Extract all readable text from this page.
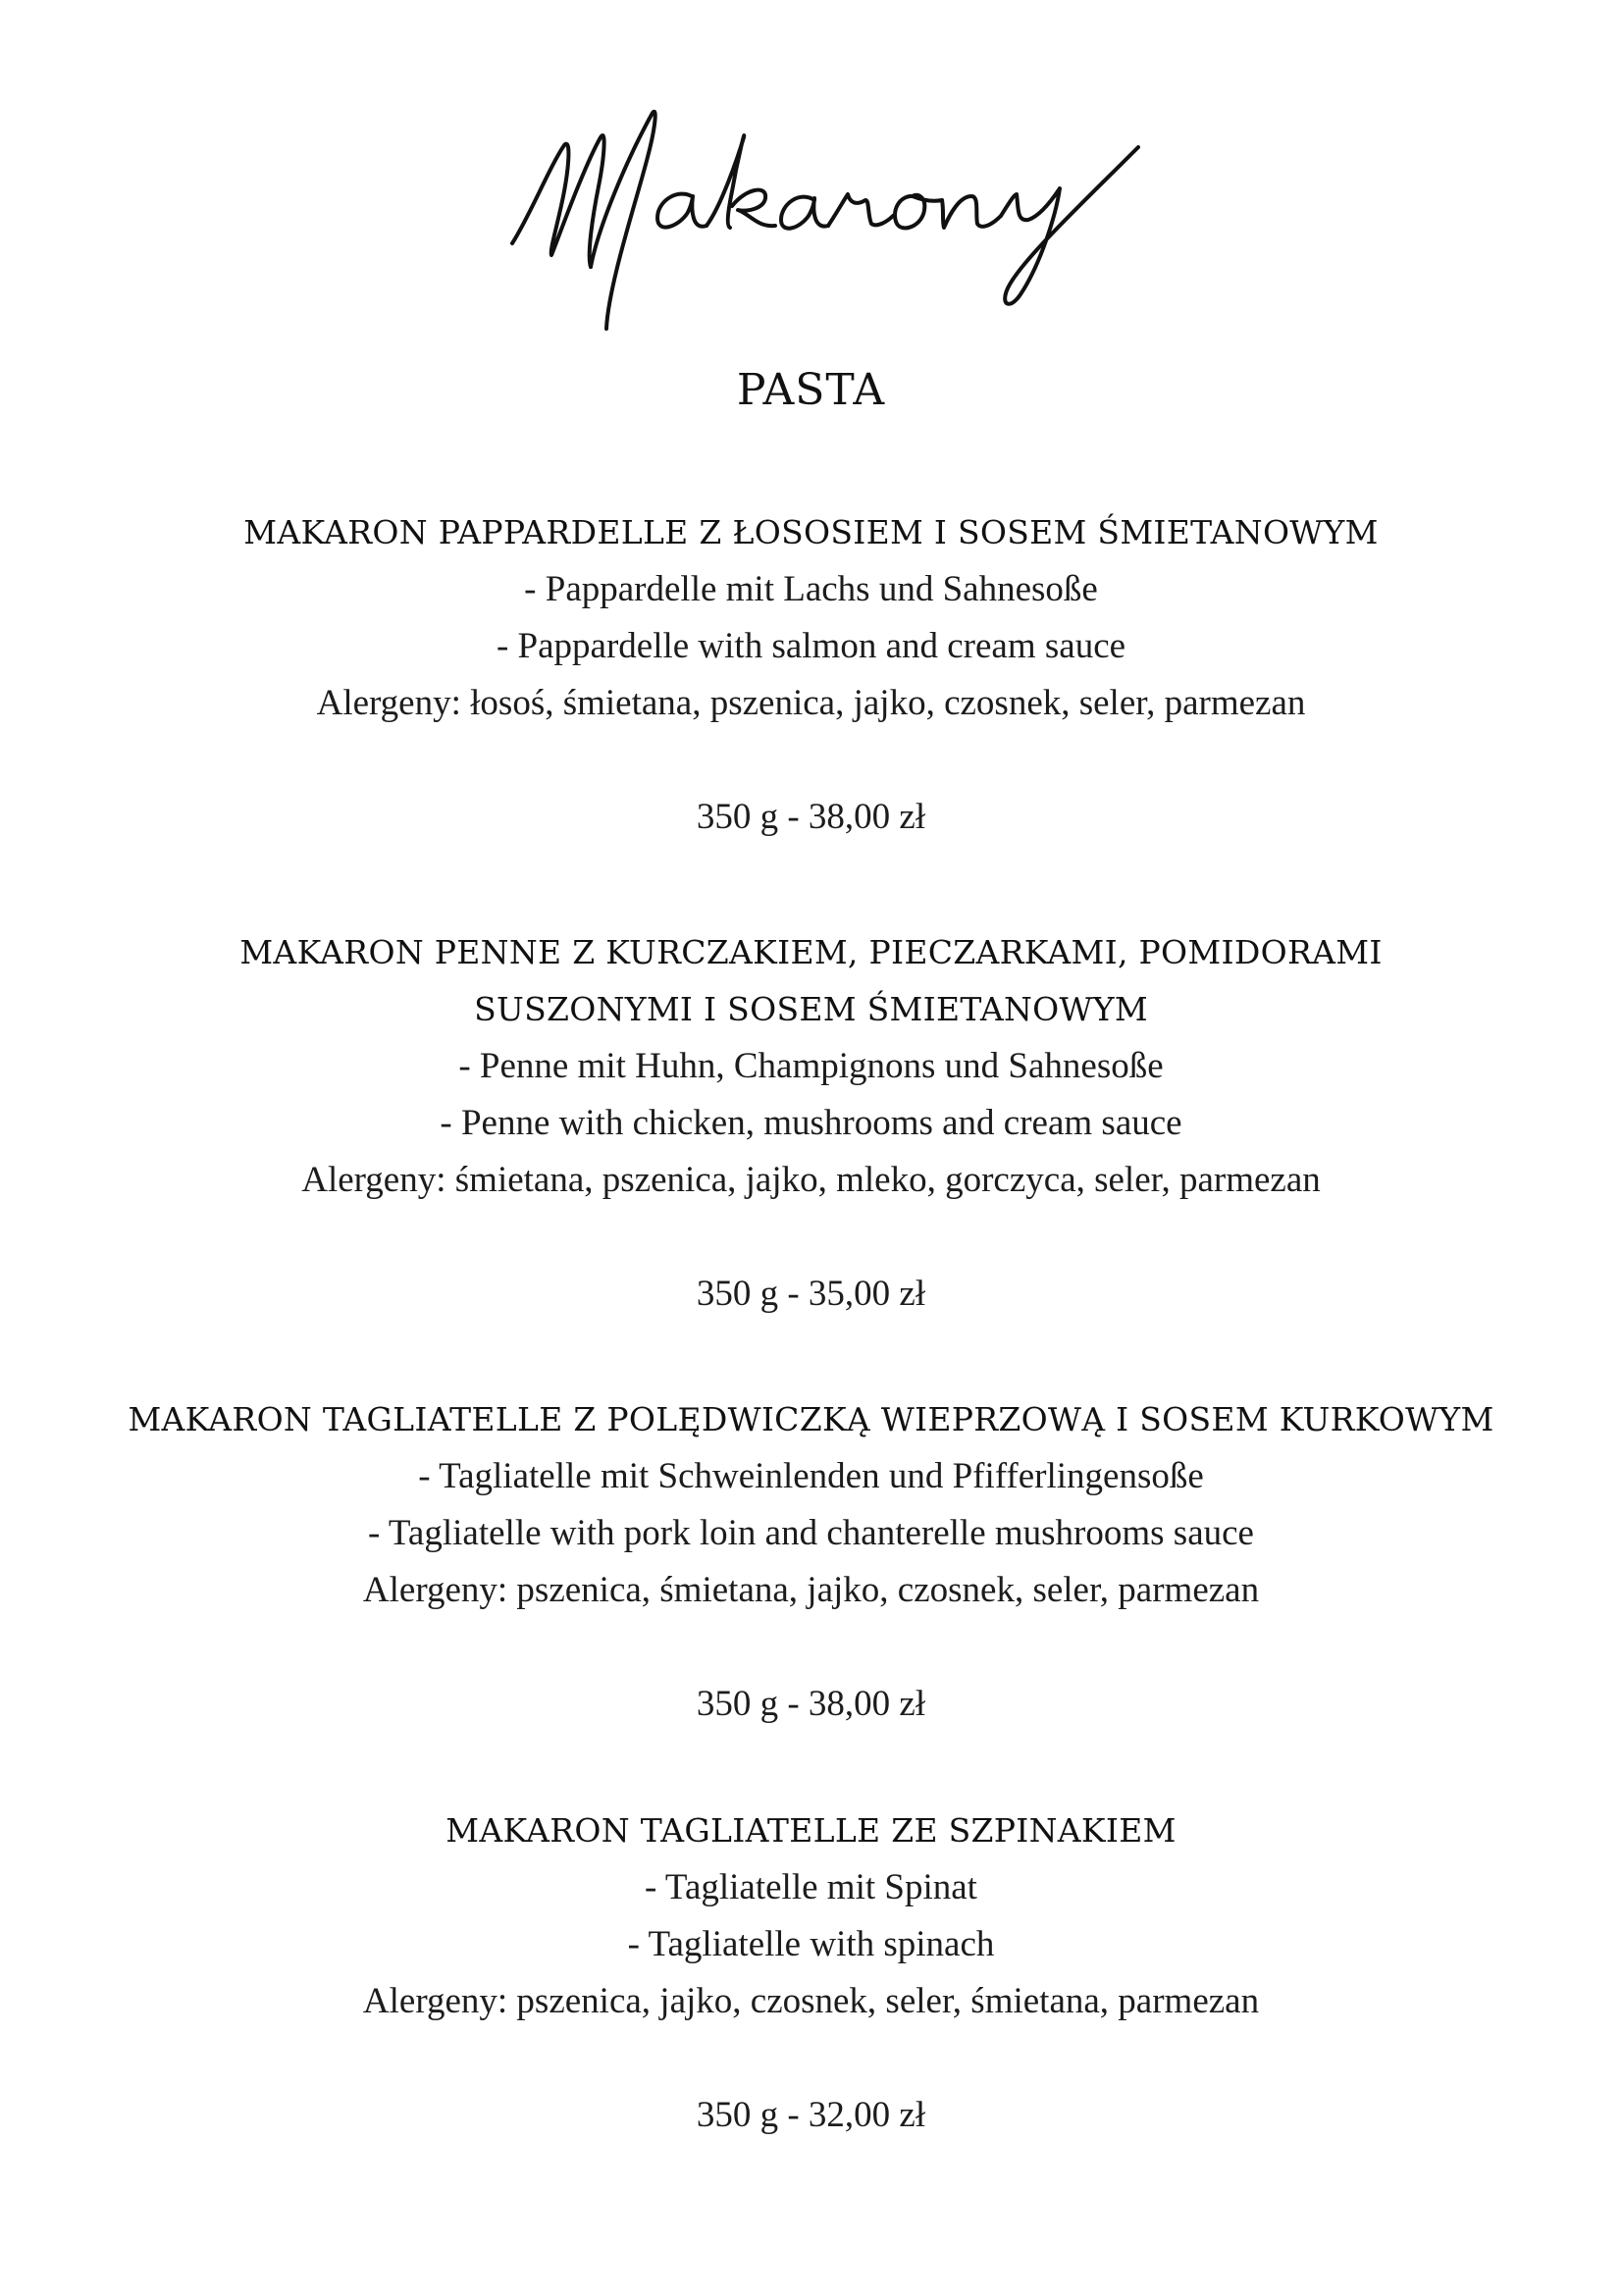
PASTA
MAKARON PAPPARDELLE Z ŁOSOSIEM I SOSEM ŚMIETANOWYM
- Pappardelle mit Lachs und Sahnesoße
- Pappardelle with salmon and cream sauce
Alergeny: łosoś, śmietana, pszenica, jajko, czosnek, seler, parmezan
350 g - 38,00 zł
MAKARON PENNE Z KURCZAKIEM, PIECZARKAMI, POMIDORAMI
SUSZONYMI I SOSEM ŚMIETANOWYM
- Penne mit Huhn, Champignons und Sahnesoße
- Penne with chicken, mushrooms and cream sauce
Alergeny: śmietana, pszenica, jajko, mleko, gorczyca, seler, parmezan
350 g - 35,00 zł
MAKARON TAGLIATELLE Z POLĘDWICZKĄ WIEPRZOWĄ I SOSEM KURKOWYM
- Tagliatelle mit Schweinlenden und Pfifferlingensoße
- Tagliatelle with pork loin and chanterelle mushrooms sauce
Alergeny: pszenica, śmietana, jajko, czosnek, seler, parmezan
350 g - 38,00 zł
MAKARON TAGLIATELLE ZE SZPINAKIEM
- Tagliatelle mit Spinat
- Tagliatelle with spinach
Alergeny: pszenica, jajko, czosnek, seler, śmietana, parmezan
350 g - 32,00 zł
